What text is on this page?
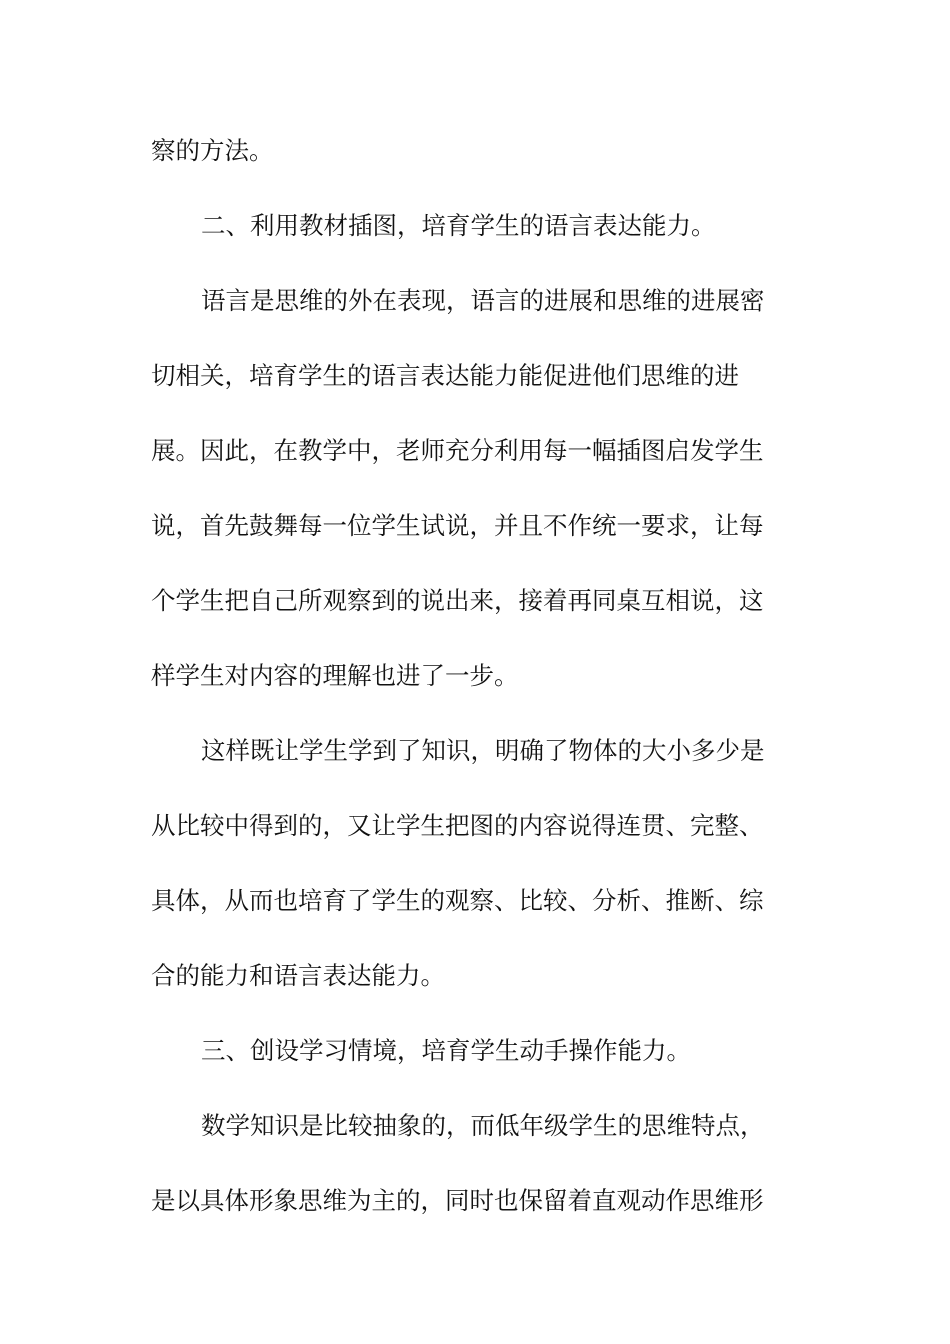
察的方法。
二、利用教材插图，培育学生的语言表达能力。
语言是思维的外在表现，语言的进展和思维的进展密
切相关，培育学生的语言表达能力能促进他们思维的进
展。因此，在教学中，老师充分利用每一幅插图启发学生
说，首先鼓舞每一位学生试说，并且不作统一要求，让每
个学生把自己所观察到的说出来，接着再同桌互相说，这
样学生对内容的理解也进了一步。
这样既让学生学到了知识，明确了物体的大小多少是
从比较中得到的，又让学生把图的内容说得连贯、完整、
具体，从而也培育了学生的观察、比较、分析、推断、综
合的能力和语言表达能力。
三、创设学习情境，培育学生动手操作能力。
数学知识是比较抽象的，而低年级学生的思维特点，
是以具体形象思维为主的，同时也保留着直观动作思维形
